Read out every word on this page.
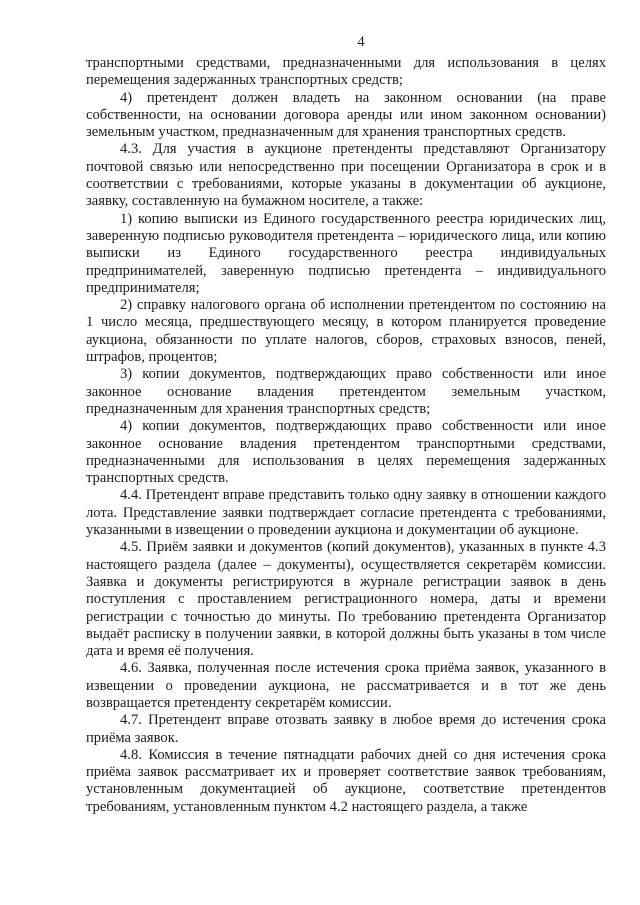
4

транспортными средствами, предназначенными для использования в целях перемещения задержанных транспортных средств;

4) претендент должен владеть на законном основании (на праве собственности, на основании договора аренды или ином законном основании) земельным участком, предназначенным для хранения транспортных средств.

4.3. Для участия в аукционе претенденты представляют Организатору почтовой связью или непосредственно при посещении Организатора в срок и в соответствии с требованиями, которые указаны в документации об аукционе, заявку, составленную на бумажном носителе, а также:

1) копию выписки из Единого государственного реестра юридических лиц, заверенную подписью руководителя претендента – юридического лица, или копию выписки из Единого государственного реестра индивидуальных предпринимателей, заверенную подписью претендента – индивидуального предпринимателя;

2) справку налогового органа об исполнении претендентом по состоянию на 1 число месяца, предшествующего месяцу, в котором планируется проведение аукциона, обязанности по уплате налогов, сборов, страховых взносов, пеней, штрафов, процентов;

3) копии документов, подтверждающих право собственности или иное законное основание владения претендентом земельным участком, предназначенным для хранения транспортных средств;

4) копии документов, подтверждающих право собственности или иное законное основание владения претендентом транспортными средствами, предназначенными для использования в целях перемещения задержанных транспортных средств.

4.4. Претендент вправе представить только одну заявку в отношении каждого лота. Представление заявки подтверждает согласие претендента с требованиями, указанными в извещении о проведении аукциона и документации об аукционе.

4.5. Приём заявки и документов (копий документов), указанных в пункте 4.3 настоящего раздела (далее – документы), осуществляется секретарём комиссии. Заявка и документы регистрируются в журнале регистрации заявок в день поступления с проставлением регистрационного номера, даты и времени регистрации с точностью до минуты. По требованию претендента Организатор выдаёт расписку в получении заявки, в которой должны быть указаны в том числе дата и время её получения.

4.6. Заявка, полученная после истечения срока приёма заявок, указанного в извещении о проведении аукциона, не рассматривается и в тот же день возвращается претенденту секретарём комиссии.

4.7. Претендент вправе отозвать заявку в любое время до истечения срока приёма заявок.

4.8. Комиссия в течение пятнадцати рабочих дней со дня истечения срока приёма заявок рассматривает их и проверяет соответствие заявок требованиям, установленным документацией об аукционе, соответствие претендентов требованиям, установленным пунктом 4.2 настоящего раздела, а также
